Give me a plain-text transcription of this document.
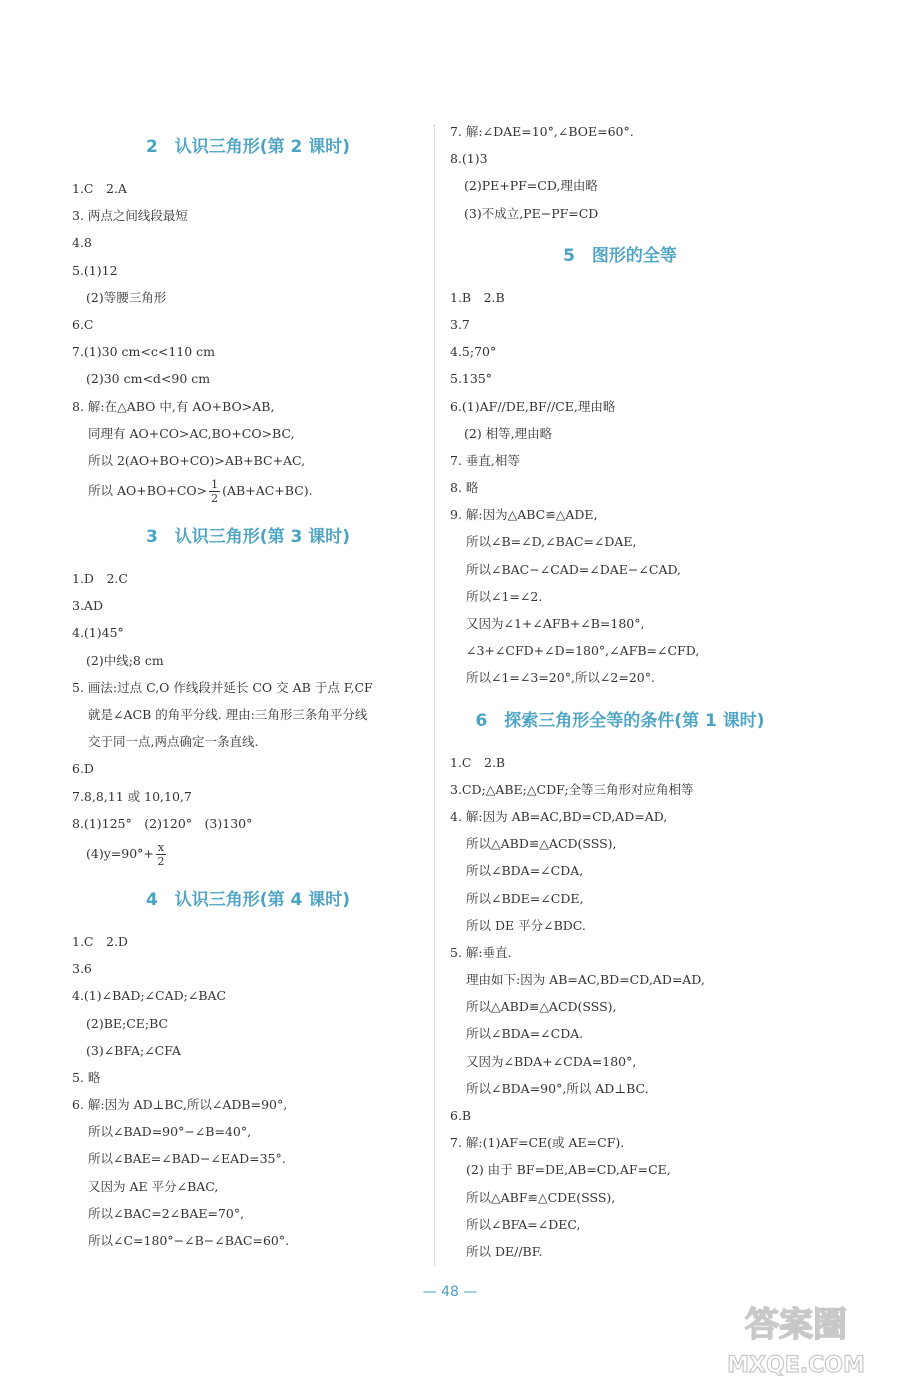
2　认识三角形(第 2 课时)
1.C　2.A
3. 两点之间线段最短
4.8
5.(1)12
(2)等腰三角形
6.C
7.(1)30 cm<c<110 cm
(2)30 cm<d<90 cm
8. 解:在△ABO 中,有 AO+BO>AB,
同理有 AO+CO>AC,BO+CO>BC,
所以 2(AO+BO+CO)>AB+BC+AC,
所以 $AO+BO+CO> \frac{1}{2} (AB+AC+BC)$.
3　认识三角形(第 3 课时)
1.D　2.C
3.AD
4.(1)45°
(2)中线;8 cm
5. 画法:过点 C,O 作线段并延长 CO 交 AB 于点 F,CF
就是∠ACB 的角平分线. 理由:三角形三条角平分线
交于同一点,两点确定一条直线.
6.D
7.8,8,11 或 10,10,7
8.(1)125°　(2)120°　(3)130°
$(4)y=90^\circ+ \frac{x}{2}$
4　认识三角形(第 4 课时)
1.C　2.D
3.6
4.(1)∠BAD;∠CAD;∠BAC
(2)BE;CE;BC
(3)∠BFA;∠CFA
5. 略
6. 解:因为 AD⊥BC,所以∠ADB=90°,
所以∠BAD=90°−∠B=40°,
所以∠BAE=∠BAD−∠EAD=35°.
又因为 AE 平分∠BAC,
所以∠BAC=2∠BAE=70°,
所以∠C=180°−∠B−∠BAC=60°.
7. 解:∠DAE=10°,∠BOE=60°.
8.(1)3
(2)PE+PF=CD,理由略
(3)不成立,PE−PF=CD
5　图形的全等
1.B　2.B
3.7
4.5;70°
5.135°
6.(1)AF//DE,BF//CE,理由略
(2) 相等,理由略
7. 垂直,相等
8. 略
9. 解:因为△ABC≌△ADE,
所以∠B=∠D,∠BAC=∠DAE,
所以∠BAC−∠CAD=∠DAE−∠CAD,
所以∠1=∠2.
又因为∠1+∠AFB+∠B=180°,
∠3+∠CFD+∠D=180°,∠AFB=∠CFD,
所以∠1=∠3=20°,所以∠2=20°.
6　探索三角形全等的条件(第 1 课时)
1.C　2.B
3.CD;△ABE;△CDF;全等三角形对应角相等
4. 解:因为 AB=AC,BD=CD,AD=AD,
所以△ABD≌△ACD(SSS),
所以∠BDA=∠CDA,
所以∠BDE=∠CDE,
所以 DE 平分∠BDC.
5. 解:垂直.
理由如下:因为 AB=AC,BD=CD,AD=AD,
所以△ABD≌△ACD(SSS),
所以∠BDA=∠CDA.
又因为∠BDA+∠CDA=180°,
所以∠BDA=90°,所以 AD⊥BC.
6.B
7. 解:(1)AF=CE(或 AE=CF).
(2) 由于 BF=DE,AB=CD,AF=CE,
所以△ABF≌△CDE(SSS),
所以∠BFA=∠DEC,
所以 DE//BF.
— 48 —
答案圈
MXQE.COM
